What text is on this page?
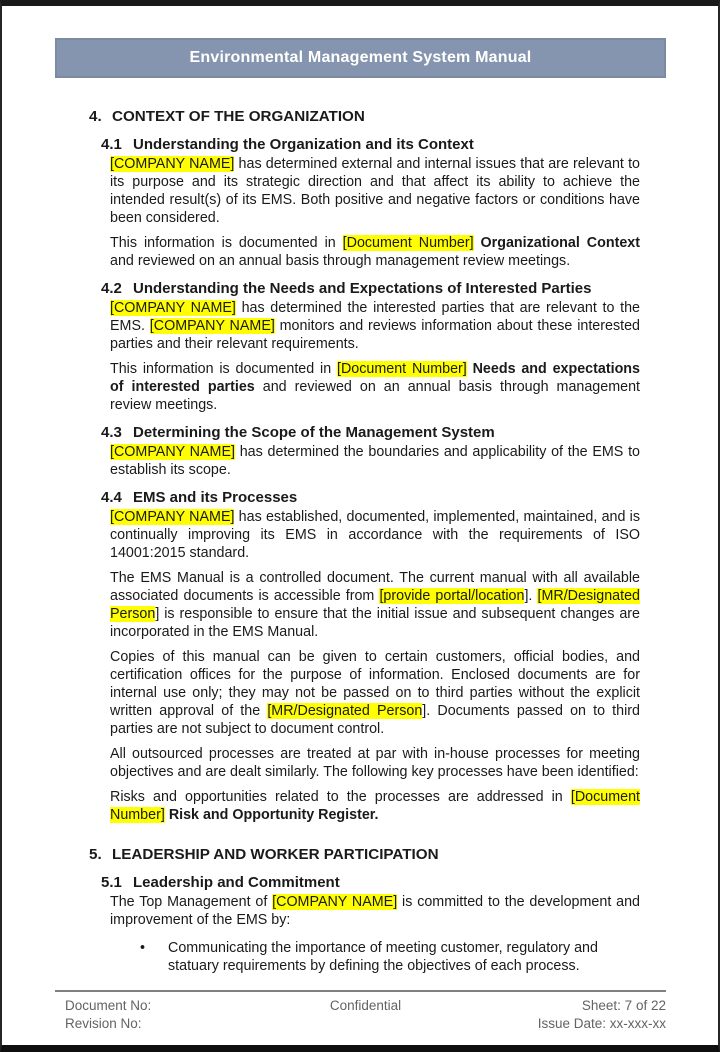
Environmental Management System Manual
4. CONTEXT OF THE ORGANIZATION
4.1 Understanding the Organization and its Context
[COMPANY NAME] has determined external and internal issues that are relevant to its purpose and its strategic direction and that affect its ability to achieve the intended result(s) of its EMS. Both positive and negative factors or conditions have been considered.
This information is documented in [Document Number] Organizational Context and reviewed on an annual basis through management review meetings.
4.2 Understanding the Needs and Expectations of Interested Parties
[COMPANY NAME] has determined the interested parties that are relevant to the EMS. [COMPANY NAME] monitors and reviews information about these interested parties and their relevant requirements.
This information is documented in [Document Number] Needs and expectations of interested parties and reviewed on an annual basis through management review meetings.
4.3 Determining the Scope of the Management System
[COMPANY NAME] has determined the boundaries and applicability of the EMS to establish its scope.
4.4 EMS and its Processes
[COMPANY NAME] has established, documented, implemented, maintained, and is continually improving its EMS in accordance with the requirements of ISO 14001:2015 standard.
The EMS Manual is a controlled document. The current manual with all available associated documents is accessible from [provide portal/location]. [MR/Designated Person] is responsible to ensure that the initial issue and subsequent changes are incorporated in the EMS Manual.
Copies of this manual can be given to certain customers, official bodies, and certification offices for the purpose of information. Enclosed documents are for internal use only; they may not be passed on to third parties without the explicit written approval of the [MR/Designated Person]. Documents passed on to third parties are not subject to document control.
All outsourced processes are treated at par with in-house processes for meeting objectives and are dealt similarly. The following key processes have been identified:
Risks and opportunities related to the processes are addressed in [Document Number] Risk and Opportunity Register.
5. LEADERSHIP AND WORKER PARTICIPATION
5.1 Leadership and Commitment
The Top Management of [COMPANY NAME] is committed to the development and improvement of the EMS by:
•	Communicating the importance of meeting customer, regulatory and statuary requirements by defining the objectives of each process.
Document No:
Revision No:
Confidential	Sheet: 7 of 22
Issue Date: xx-xxx-xx
